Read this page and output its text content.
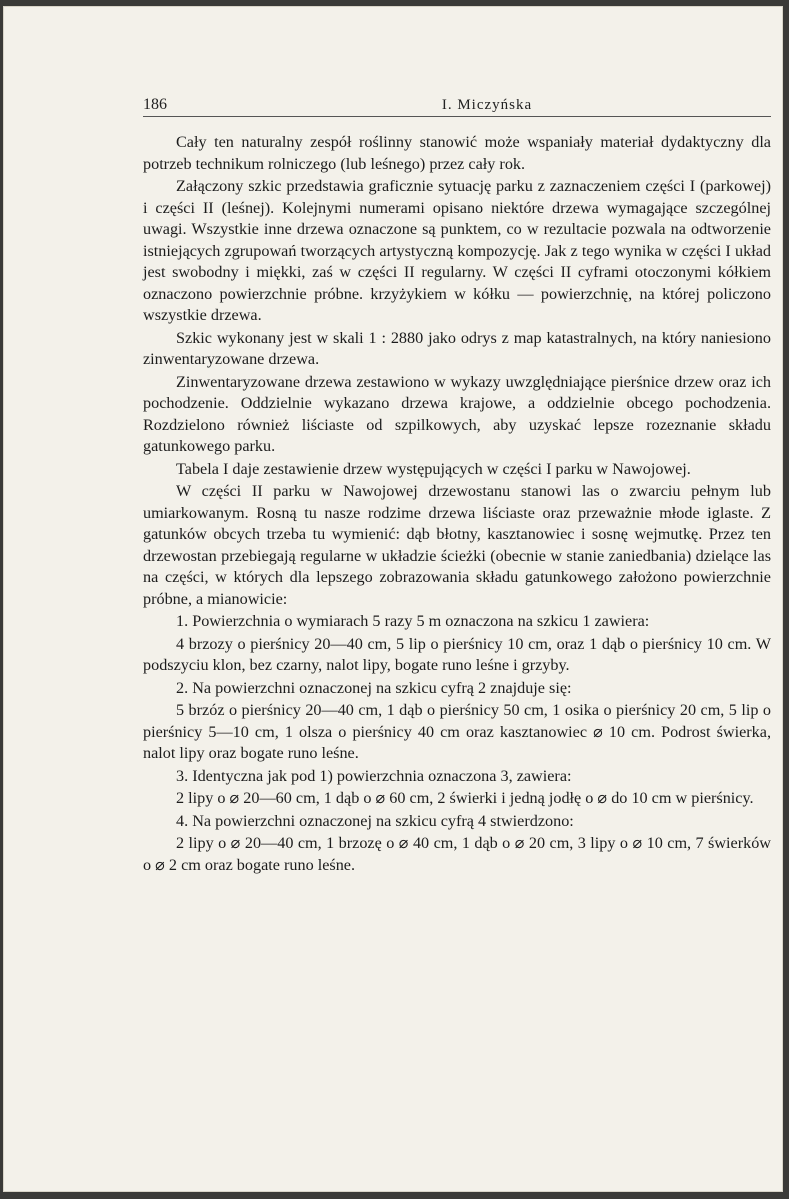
186	I. Miczyńska

Cały ten naturalny zespół roślinny stanowić może wspaniały materiał dydaktyczny dla potrzeb technikum rolniczego (lub leśnego) przez cały rok.

Załączony szkic przedstawia graficznie sytuację parku z zaznaczeniem części I (parkowej) i części II (leśnej). Kolejnymi numerami opisano niektóre drzewa wymagające szczególnej uwagi. Wszystkie inne drzewa oznaczone są punktem, co w rezultacie pozwala na odtworzenie istniejących zgrupowań tworzących artystyczną kompozycję. Jak z tego wynika w części I układ jest swobodny i miękki, zaś w części II regularny. W części II cyframi otoczonymi kółkiem oznaczono powierzchnie próbne. krzyżykiem w kółku — powierzchnię, na której policzono wszystkie drzewa.

Szkic wykonany jest w skali 1 : 2880 jako odrys z map katastralnych, na który naniesiono zinwentaryzowane drzewa.

Zinwentaryzowane drzewa zestawiono w wykazy uwzględniające pierśnice drzew oraz ich pochodzenie. Oddzielnie wykazano drzewa krajowe, a oddzielnie obcego pochodzenia. Rozdzielono również liściaste od szpilkowych, aby uzyskać lepsze rozeznanie składu gatunkowego parku.

Tabela I daje zestawienie drzew występujących w części I parku w Nawojowej.

W części II parku w Nawojowej drzewostanu stanowi las o zwarciu pełnym lub umiarkowanym. Rosną tu nasze rodzime drzewa liściaste oraz przeważnie młode iglaste. Z gatunków obcych trzeba tu wymienić: dąb błotny, kasztanowiec i sosnę wejmutkę. Przez ten drzewostan przebiegają regularne w układzie ścieżki (obecnie w stanie zaniedbania) dzielące las na części, w których dla lepszego zobrazowania składu gatunkowego założono powierzchnie próbne, a mianowicie:

1. Powierzchnia o wymiarach 5 razy 5 m oznaczona na szkicu 1 zawiera:

4 brzozy o pierśnicy 20—40 cm, 5 lip o pierśnicy 10 cm, oraz 1 dąb o pierśnicy 10 cm. W podszyciu klon, bez czarny, nalot lipy, bogate runo leśne i grzyby.

2. Na powierzchni oznaczonej na szkicu cyfrą 2 znajduje się:

5 brzóz o pierśnicy 20—40 cm, 1 dąb o pierśnicy 50 cm, 1 osika o pierśnicy 20 cm, 5 lip o pierśnicy 5—10 cm, 1 olsza o pierśnicy 40 cm oraz kasztanowiec ⌀ 10 cm. Podrost świerka, nalot lipy oraz bogate runo leśne.

3. Identyczna jak pod 1) powierzchnia oznaczona 3, zawiera:

2 lipy o ⌀ 20—60 cm, 1 dąb o ⌀ 60 cm, 2 świerki i jedną jodłę o ⌀ do 10 cm w pierśnicy.

4. Na powierzchni oznaczonej na szkicu cyfrą 4 stwierdzono:

2 lipy o ⌀ 20—40 cm, 1 brzozę o ⌀ 40 cm, 1 dąb o ⌀ 20 cm, 3 lipy o ⌀ 10 cm, 7 świerków o ⌀ 2 cm oraz bogate runo leśne.
